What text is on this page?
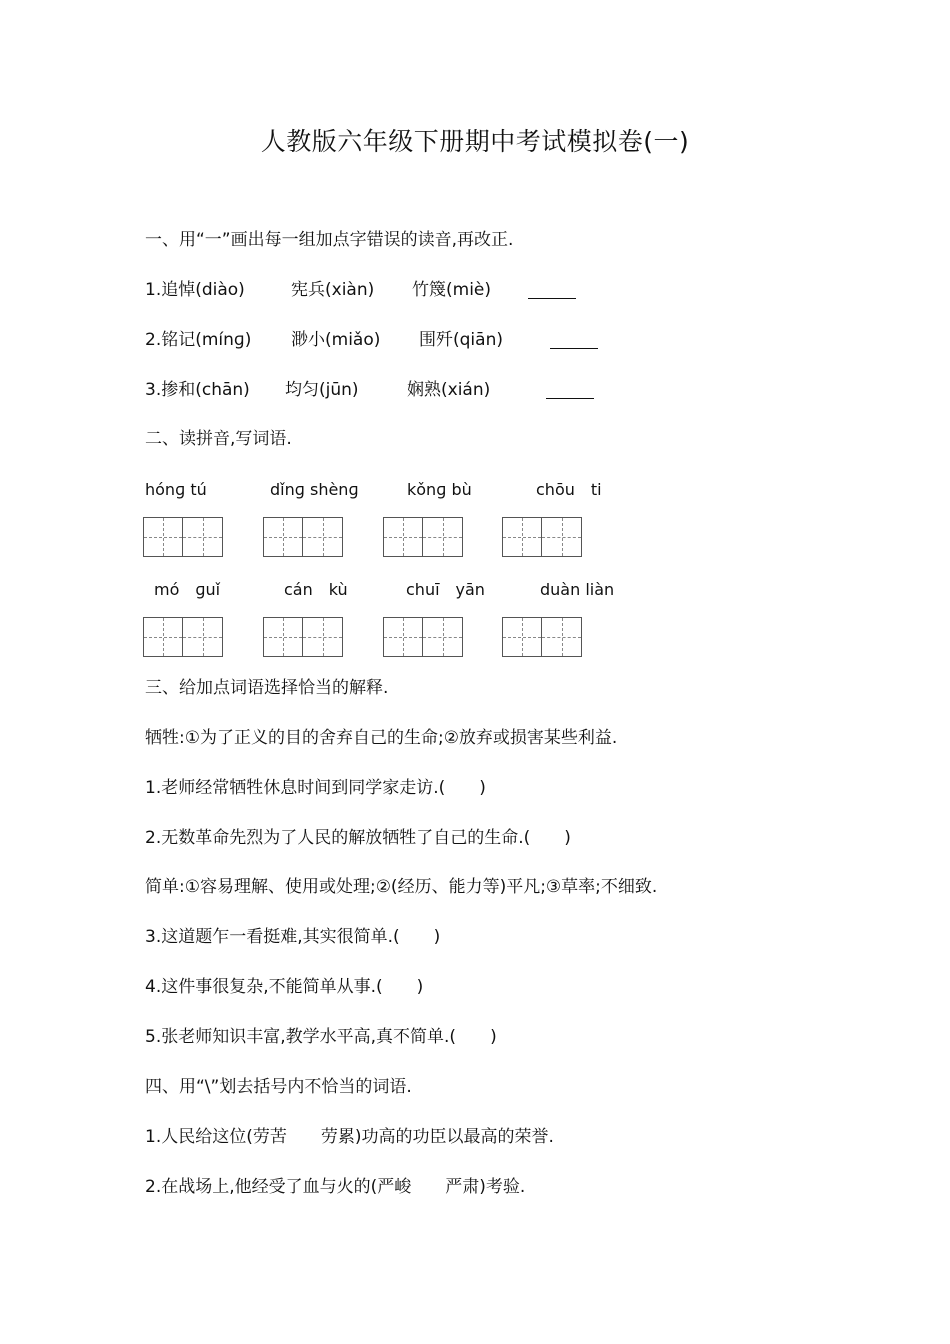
人教版六年级下册期中考试模拟卷(一)
一、用“一”画出每一组加点字错误的读音,再改正.
1.追悼(diào)	宪兵(xiàn) 竹篾(miè)
2.铭记(mínɡ) 渺小(miǎo) 围歼(qiān)
3.掺和(chān) 均匀(jūn)	娴熟(xián)
二、读拼音,写词语.
hónɡ tú	dǐnɡ shènɡ	kǒnɡ bù	chōu　ti
mó　ɡuǐ	cán　kù	chuī　yān	duàn liàn
三、给加点词语选择恰当的解释.
牺牲:①为了正义的目的舍弃自己的生命;②放弃或损害某些利益.
1.老师经常牺牲休息时间到同学家走访.(　　)
2.无数革命先烈为了人民的解放牺牲了自己的生命.(　　)
简单:①容易理解、使用或处理;②(经历、能力等)平凡;③草率;不细致.
3.这道题乍一看挺难,其实很简单.(　　)
4.这件事很复杂,不能简单从事.(　　)
5.张老师知识丰富,教学水平高,真不简单.(　　)
四、用“\”划去括号内不恰当的词语.
1.人民给这位(劳苦　　劳累)功高的功臣以最高的荣誉.
2.在战场上,他经受了血与火的(严峻　　严肃)考验.
